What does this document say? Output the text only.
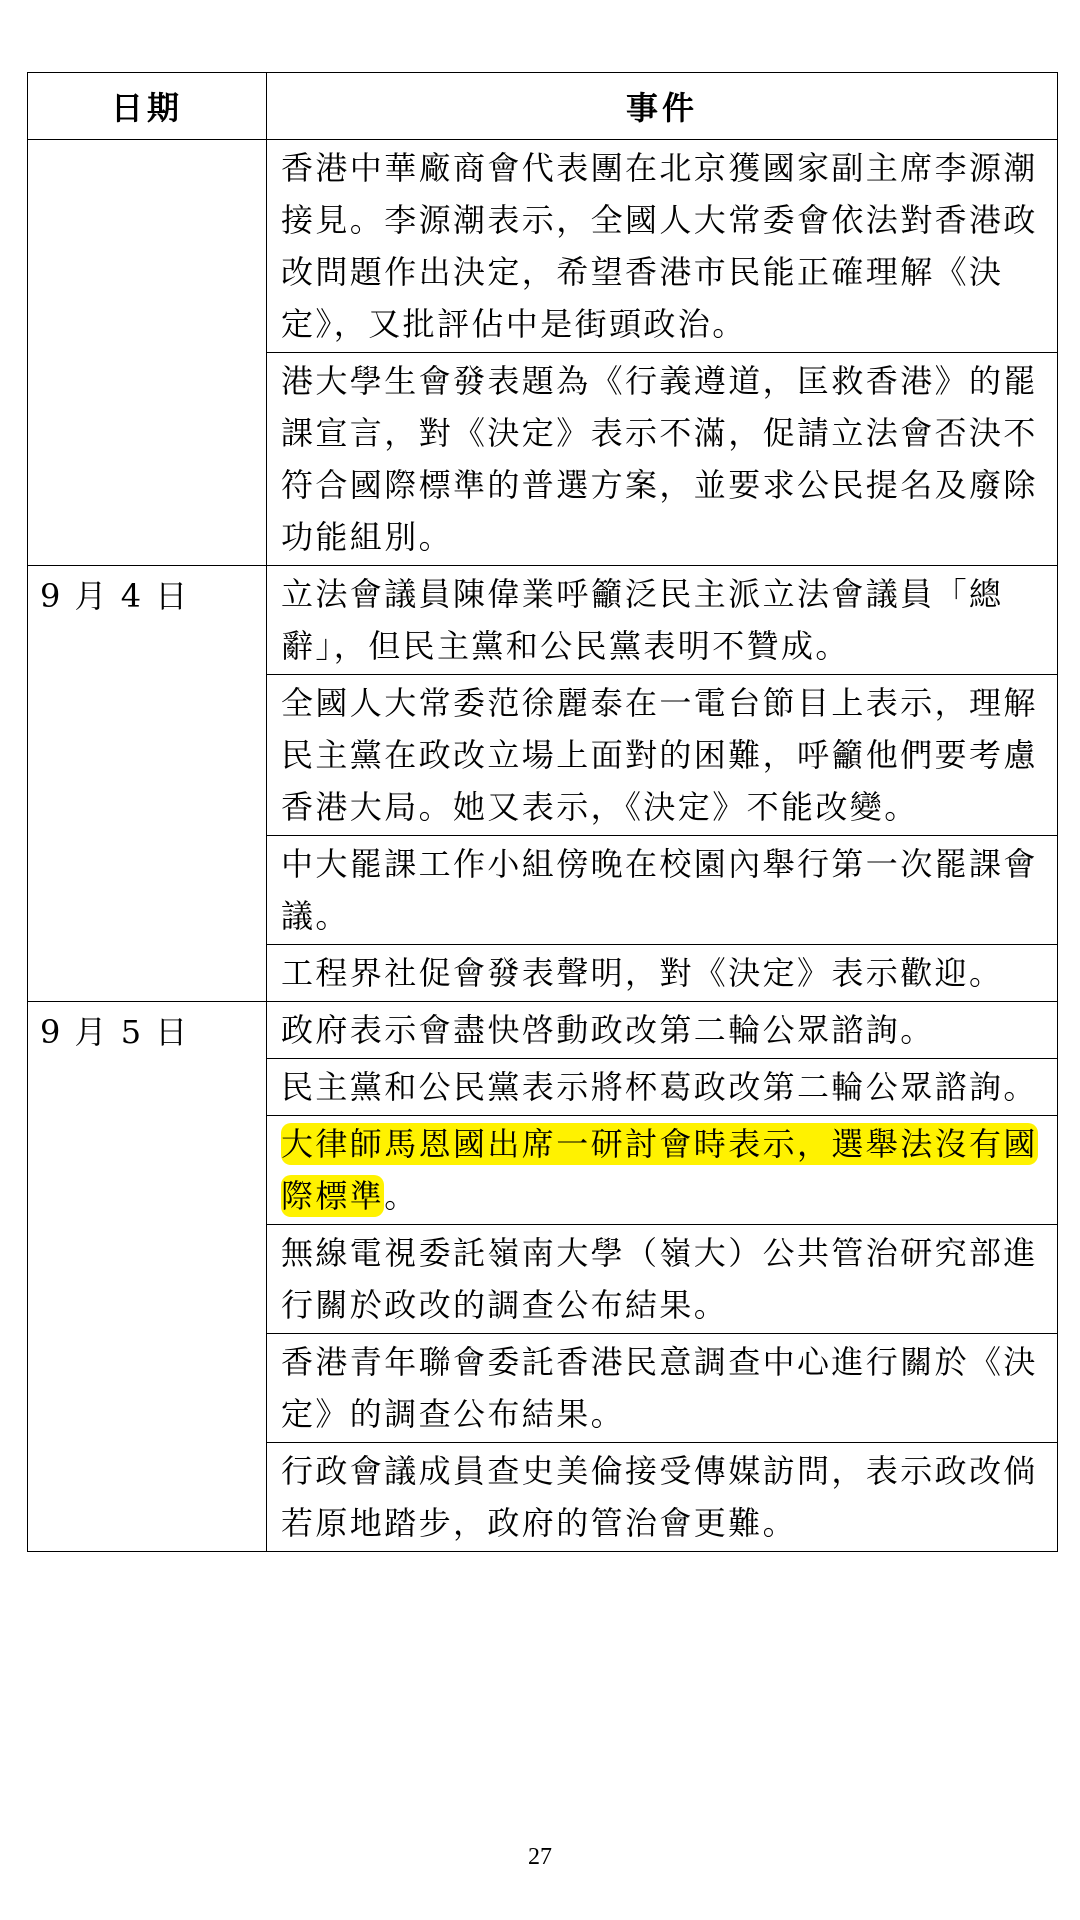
日期	事件
	香港中華廠商會代表團在北京獲國家副主席李源潮接見。李源潮表示，全國人大常委會依法對香港政改問題作出決定，希望香港市民能正確理解《決定》，又批評佔中是街頭政治。
	港大學生會發表題為《行義遵道，匡救香港》的罷課宣言，對《決定》表示不滿，促請立法會否決不符合國際標準的普選方案，並要求公民提名及廢除功能組別。
9 月 4 日	立法會議員陳偉業呼籲泛民主派立法會議員「總辭」，但民主黨和公民黨表明不贊成。
	全國人大常委范徐麗泰在一電台節目上表示，理解民主黨在政改立場上面對的困難，呼籲他們要考慮香港大局。她又表示，《決定》不能改變。
	中大罷課工作小組傍晚在校園內舉行第一次罷課會議。
	工程界社促會發表聲明，對《決定》表示歡迎。
9 月 5 日	政府表示會盡快啓動政改第二輪公眾諮詢。
	民主黨和公民黨表示將杯葛政改第二輪公眾諮詢。
	大律師馬恩國出席一研討會時表示，選舉法沒有國際標準。
	無線電視委託嶺南大學（嶺大）公共管治研究部進行關於政改的調查公布結果。
	香港青年聯會委託香港民意調查中心進行關於《決定》的調查公布結果。
	行政會議成員查史美倫接受傳媒訪問，表示政改倘若原地踏步，政府的管治會更難。
27
